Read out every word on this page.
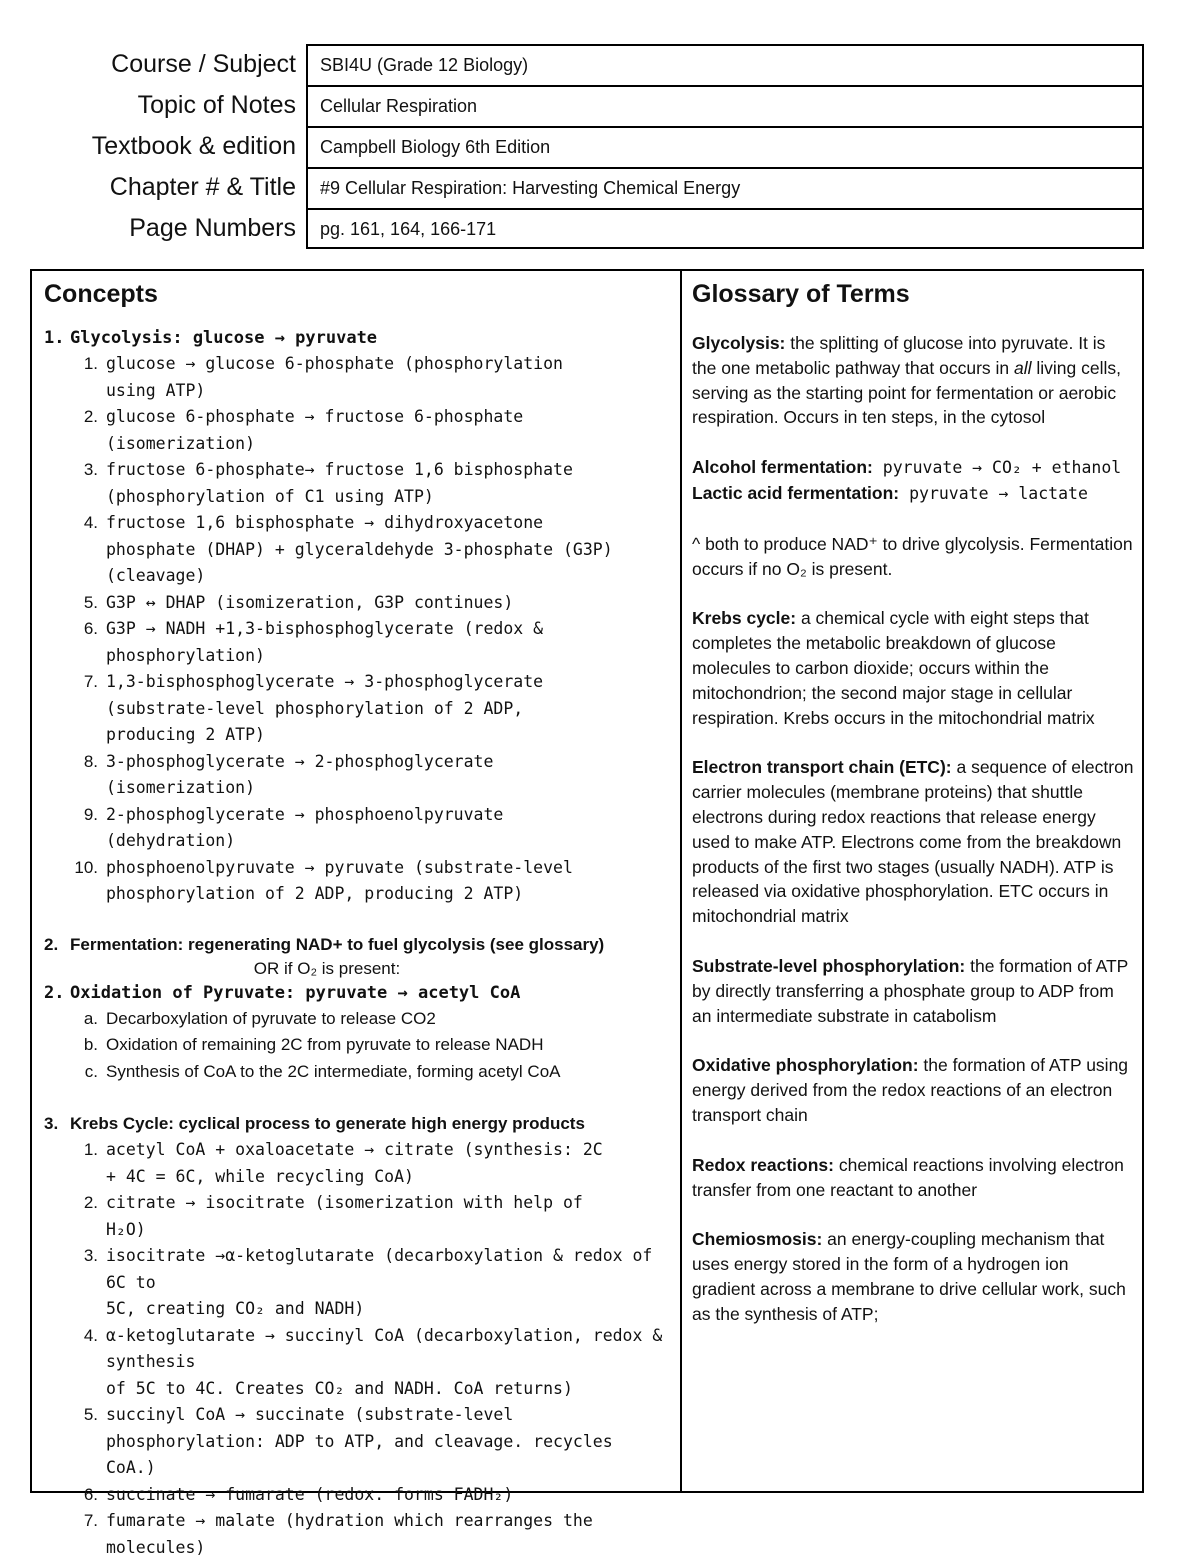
Course / Subject	SBI4U (Grade 12 Biology)
Topic of Notes	Cellular Respiration
Textbook & edition	Campbell Biology 6th Edition
Chapter # & Title	#9 Cellular Respiration: Harvesting Chemical Energy
Page Numbers	pg. 161, 164, 166-171
Concepts
1. Glycolysis: glucose → pyruvate
1. glucose → glucose 6-phosphate (phosphorylation
using ATP)
2. glucose 6-phosphate → fructose 6-phosphate
(isomerization)
3. fructose 6-phosphate→ fructose 1,6 bisphosphate
(phosphorylation of C1 using ATP)
4. fructose 1,6 bisphosphate → dihydroxyacetone
phosphate (DHAP) + glyceraldehyde 3-phosphate (G3P)
(cleavage)
5. G3P ↔ DHAP (isomizeration, G3P continues)
6. G3P → NADH +1,3-bisphosphoglycerate (redox &
phosphorylation)
7. 1,3-bisphosphoglycerate → 3-phosphoglycerate
(substrate-level phosphorylation of 2 ADP,
producing 2 ATP)
8. 3-phosphoglycerate → 2-phosphoglycerate
(isomerization)
9. 2-phosphoglycerate → phosphoenolpyruvate
(dehydration)
10. phosphoenolpyruvate → pyruvate (substrate-level
phosphorylation of 2 ADP, producing 2 ATP)
2. Fermentation: regenerating NAD+ to fuel glycolysis (see glossary)
OR if O₂ is present:
2. Oxidation of Pyruvate: pyruvate → acetyl CoA
a. Decarboxylation of pyruvate to release CO2
b. Oxidation of remaining 2C from pyruvate to release NADH
c. Synthesis of CoA to the 2C intermediate, forming acetyl CoA
3. Krebs Cycle: cyclical process to generate high energy products
1. acetyl CoA + oxaloacetate → citrate (synthesis: 2C
+ 4C = 6C, while recycling CoA)
2. citrate → isocitrate (isomerization with help of
H₂O)
3. isocitrate →α-ketoglutarate (decarboxylation & redox of 6C to
5C, creating CO₂ and NADH)
4. α-ketoglutarate → succinyl CoA (decarboxylation, redox & synthesis
of 5C to 4C. Creates CO₂ and NADH. CoA returns)
5. succinyl CoA → succinate (substrate-level
phosphorylation: ADP to ATP, and cleavage. recycles CoA.)
6. succinate → fumarate (redox. forms FADH₂)
7. fumarate → malate (hydration which rearranges the
molecules)
Glossary of Terms

Glycolysis: the splitting of glucose into pyruvate. It is the one metabolic pathway that occurs in all living cells, serving as the starting point for fermentation or aerobic respiration. Occurs in ten steps, in the cytosol

Alcohol fermentation: pyruvate → CO₂ + ethanol

Lactic acid fermentation: pyruvate → lactate

^ both to produce NAD⁺ to drive glycolysis. Fermentation occurs if no O₂ is present.

Krebs cycle: a chemical cycle with eight steps that completes the metabolic breakdown of glucose molecules to carbon dioxide; occurs within the mitochondrion; the second major stage in cellular respiration. Krebs occurs in the mitochondrial matrix

Electron transport chain (ETC): a sequence of electron carrier molecules (membrane proteins) that shuttle electrons during redox reactions that release energy used to make ATP. Electrons come from the breakdown products of the first two stages (usually NADH). ATP is released via oxidative phosphorylation. ETC occurs in mitochondrial matrix

Substrate-level phosphorylation: the formation of ATP by directly transferring a phosphate group to ADP from an intermediate substrate in catabolism

Oxidative phosphorylation: the formation of ATP using energy derived from the redox reactions of an electron transport chain

Redox reactions: chemical reactions involving electron transfer from one reactant to another

Chemiosmosis: an energy-coupling mechanism that uses energy stored in the form of a hydrogen ion gradient across a membrane to drive cellular work, such as the synthesis of ATP;
